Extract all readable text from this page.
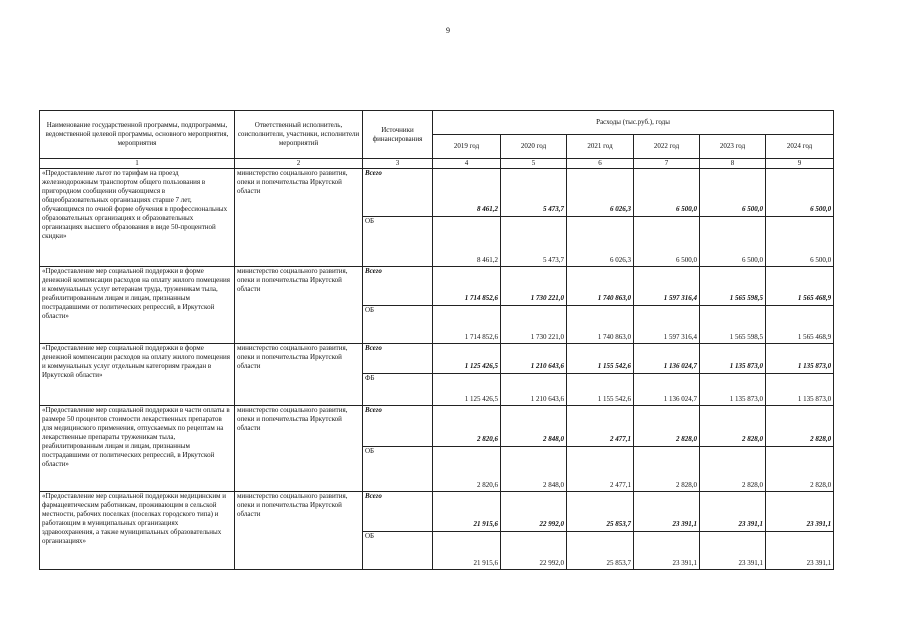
9
Наименование государственной программы, подпрограммы, ведомственной целевой программы, основного мероприятия, мероприятия	Ответственный исполнитель, соисполнители, участники, исполнители мероприятий	Источники финансирования	Расходы (тыс.руб.), годы					
			2019 год	2020 год	2021 год	2022 год	2023 год	2024 год
1	2	3	4	5	6	7	8	9
«Предоставление льгот по тарифам на проезд железнодорожным транспортом общего пользования в пригородном сообщении обучающимся в общеобразовательных организациях старше 7 лет, обучающимся по очной форме обучения в профессиональных образовательных организациях и образовательных организациях высшего образования в виде 50-процентной скидки»	министерство социального развития, опеки и попечительства Иркутской области	Всего	8 461,2	5 473,7	6 026,3	6 500,0	6 500,0	6 500,0
		ОБ	8 461,2	5 473,7	6 026,3	6 500,0	6 500,0	6 500,0
«Предоставление мер социальной поддержки в форме денежной компенсации расходов на оплату жилого помещения и коммунальных услуг ветеранам труда, труженикам тыла, реабилитированным лицам и лицам, признанным пострадавшими от политических репрессий, в Иркутской области»	министерство социального развития, опеки и попечительства Иркутской области	Всего	1 714 852,6	1 730 221,0	1 740 863,0	1 597 316,4	1 565 598,5	1 565 468,9
		ОБ	1 714 852,6	1 730 221,0	1 740 863,0	1 597 316,4	1 565 598,5	1 565 468,9
«Предоставление мер социальной поддержки в форме денежной компенсации расходов на оплату жилого помещения и коммунальных услуг отдельным категориям граждан в Иркутской области»	министерство социального развития, опеки и попечительства Иркутской области	Всего	1 125 426,5	1 210 643,6	1 155 542,6	1 136 024,7	1 135 873,0	1 135 873,0
		ФБ	1 125 426,5	1 210 643,6	1 155 542,6	1 136 024,7	1 135 873,0	1 135 873,0
«Предоставление мер социальной поддержки в части оплаты в размере 50 процентов стоимости лекарственных препаратов для медицинского применения, отпускаемых по рецептам на лекарственные препараты труженикам тыла, реабилитированным лицам и лицам, признанным пострадавшими от политических репрессий, в Иркутской области»	министерство социального развития, опеки и попечительства Иркутской области	Всего	2 820,6	2 848,0	2 477,1	2 828,0	2 828,0	2 828,0
		ОБ	2 820,6	2 848,0	2 477,1	2 828,0	2 828,0	2 828,0
«Предоставление мер социальной поддержки медицинским и фармацевтическим работникам, проживающим в сельской местности, рабочих поселках (поселках городского типа) и работающим в муниципальных организациях здравоохранения, а также муниципальных образовательных организациях»	министерство социального развития, опеки и попечительства Иркутской области	Всего	21 915,6	22 992,0	25 853,7	23 391,1	23 391,1	23 391,1
		ОБ	21 915,6	22 992,0	25 853,7	23 391,1	23 391,1	23 391,1
